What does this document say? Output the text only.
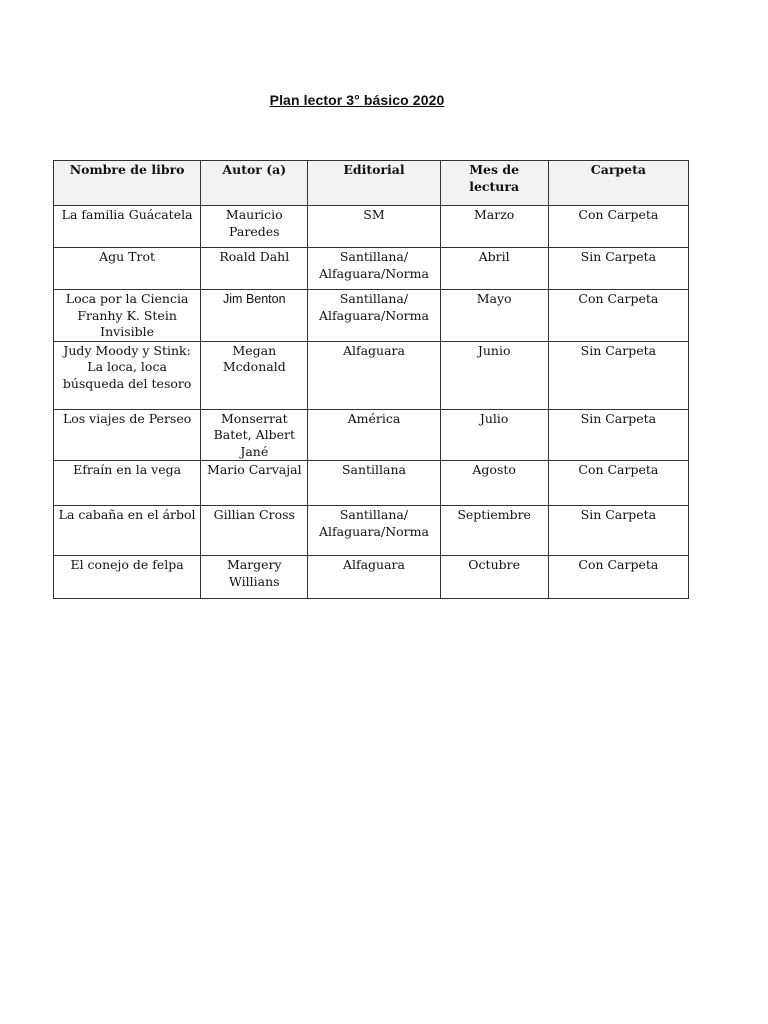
Plan lector 3° básico 2020
Nombre de libro	Autor (a)	Editorial	Mes de lectura	Carpeta
La familia Guácatela	Mauricio Paredes	SM	Marzo	Con Carpeta
Agu Trot	Roald Dahl	Santillana/ Alfaguara/Norma	Abril	Sin Carpeta
Loca por la Ciencia Franhy K. Stein Invisible	Jim Benton	Santillana/ Alfaguara/Norma	Mayo	Con Carpeta
Judy Moody y Stink: La loca, loca búsqueda del tesoro	Megan Mcdonald	Alfaguara	Junio	Sin Carpeta
Los viajes de Perseo	Monserrat Batet, Albert Jané	América	Julio	Sin Carpeta
Efraín en la vega	Mario Carvajal	Santillana	Agosto	Con Carpeta
La cabaña en el árbol	Gillian Cross	Santillana/ Alfaguara/Norma	Septiembre	Sin Carpeta
El conejo de felpa	Margery Willians	Alfaguara	Octubre	Con Carpeta
